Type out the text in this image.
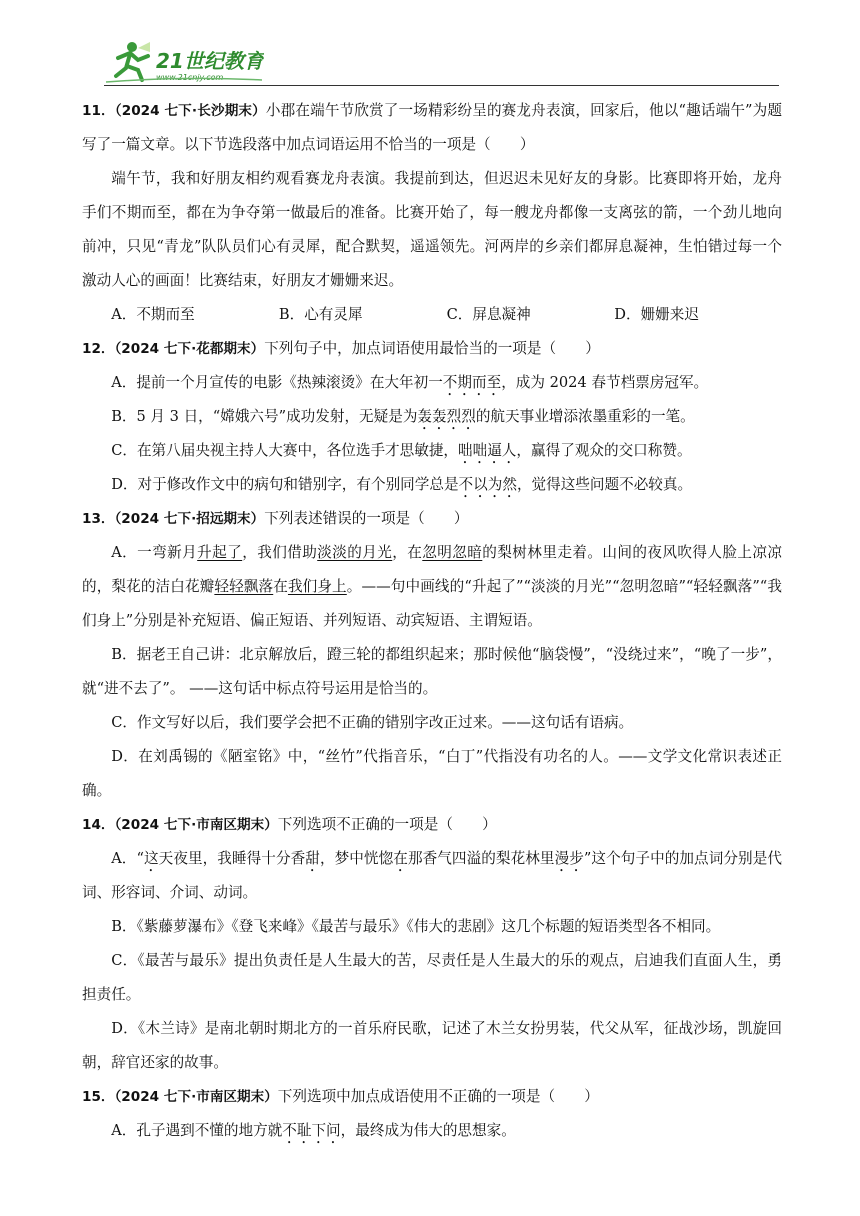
21世纪教育
www.21cnjy.com

11．（2024 七下·长沙期末）小郡在端午节欣赏了一场精彩纷呈的赛龙舟表演，回家后，他以“趣话端午”为题写了一篇文章。以下节选段落中加点词语运用不恰当的一项是（　　）

端午节，我和好朋友相约观看赛龙舟表演。我提前到达，但迟迟未见好友的身影。比赛即将开始，龙舟手们不期而至，都在为争夺第一做最后的准备。比赛开始了，每一艘龙舟都像一支离弦的箭，一个劲儿地向前冲，只见“青龙”队队员们心有灵犀，配合默契，遥遥领先。河两岸的乡亲们都屏息凝神，生怕错过每一个激动人心的画面！比赛结束，好朋友才姗姗来迟。

A．不期而至	B．心有灵犀	C．屏息凝神	D．姗姗来迟

12．（2024 七下·花都期末）下列句子中，加点词语使用最恰当的一项是（　　）

A．提前一个月宣传的电影《热辣滚烫》在大年初一不期而至，成为 2024 春节档票房冠军。

B．5 月 3 日，“嫦娥六号”成功发射，无疑是为轰轰烈烈的航天事业增添浓墨重彩的一笔。

C．在第八届央视主持人大赛中，各位选手才思敏捷，咄咄逼人，赢得了观众的交口称赞。

D．对于修改作文中的病句和错别字，有个别同学总是不以为然，觉得这些问题不必较真。

13．（2024 七下·招远期末）下列表述错误的一项是（　　）

A．一弯新月升起了，我们借助淡淡的月光，在忽明忽暗的梨树林里走着。山间的夜风吹得人脸上凉凉的，梨花的洁白花瓣轻轻飘落在我们身上。——句中画线的“升起了”“淡淡的月光”“忽明忽暗”“轻轻飘落”“我们身上”分别是补充短语、偏正短语、并列短语、动宾短语、主谓短语。

B．据老王自己讲：北京解放后，蹬三轮的都组织起来；那时候他“脑袋慢”，“没绕过来”，“晚了一步”，就“进不去了”。 ——这句话中标点符号运用是恰当的。

C．作文写好以后，我们要学会把不正确的错别字改正过来。——这句话有语病。

D．在刘禹锡的《陋室铭》中，“丝竹”代指音乐，“白丁”代指没有功名的人。——文学文化常识表述正确。

14．（2024 七下·市南区期末）下列选项不正确的一项是（　　）

A．“这天夜里，我睡得十分香甜，梦中恍惚在那香气四溢的梨花林里漫步”这个句子中的加点词分别是代词、形容词、介词、动词。

B．《紫藤萝瀑布》《登飞来峰》《最苦与最乐》《伟大的悲剧》这几个标题的短语类型各不相同。

C．《最苦与最乐》提出负责任是人生最大的苦，尽责任是人生最大的乐的观点，启迪我们直面人生，勇担责任。

D．《木兰诗》是南北朝时期北方的一首乐府民歌，记述了木兰女扮男装，代父从军，征战沙场，凯旋回朝，辞官还家的故事。

15．（2024 七下·市南区期末）下列选项中加点成语使用不正确的一项是（　　）

A．孔子遇到不懂的地方就不耻下问，最终成为伟大的思想家。
